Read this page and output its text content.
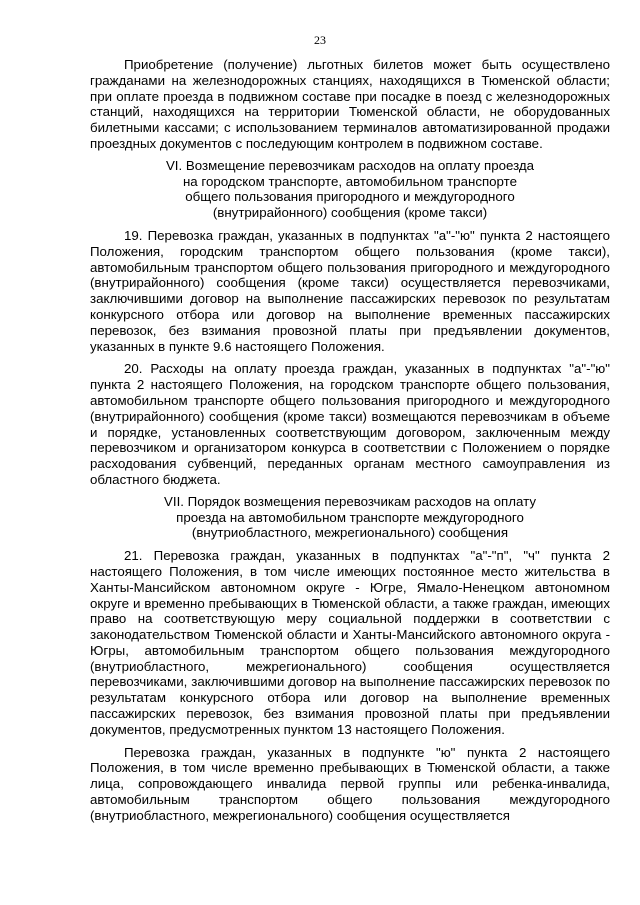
23

Приобретение (получение) льготных билетов может быть осуществлено гражданами на железнодорожных станциях, находящихся в Тюменской области; при оплате проезда в подвижном составе при посадке в поезд с железнодорожных станций, находящихся на территории Тюменской области, не оборудованных билетными кассами; с использованием терминалов автоматизированной продажи проездных документов с последующим контролем в подвижном составе.

VI. Возмещение перевозчикам расходов на оплату проезда
на городском транспорте, автомобильном транспорте
общего пользования пригородного и междугородного
(внутрирайонного) сообщения (кроме такси)

19. Перевозка граждан, указанных в подпунктах "а"-"ю" пункта 2 настоящего Положения, городским транспортом общего пользования (кроме такси), автомобильным транспортом общего пользования пригородного и междугородного (внутрирайонного) сообщения (кроме такси) осуществляется перевозчиками, заключившими договор на выполнение пассажирских перевозок по результатам конкурсного отбора или договор на выполнение временных пассажирских перевозок, без взимания провозной платы при предъявлении документов, указанных в пункте 9.6 настоящего Положения.

20. Расходы на оплату проезда граждан, указанных в подпунктах "а"-"ю" пункта 2 настоящего Положения, на городском транспорте общего пользования, автомобильном транспорте общего пользования пригородного и междугородного (внутрирайонного) сообщения (кроме такси) возмещаются перевозчикам в объеме и порядке, установленных соответствующим договором, заключенным между перевозчиком и организатором конкурса в соответствии с Положением о порядке расходования субвенций, переданных органам местного самоуправления из областного бюджета.

VII. Порядок возмещения перевозчикам расходов на оплату
проезда на автомобильном транспорте междугородного
(внутриобластного, межрегионального) сообщения

21. Перевозка граждан, указанных в подпунктах "а"-"п", "ч" пункта 2 настоящего Положения, в том числе имеющих постоянное место жительства в Ханты-Мансийском автономном округе - Югре, Ямало-Ненецком автономном округе и временно пребывающих в Тюменской области, а также граждан, имеющих право на соответствующую меру социальной поддержки в соответствии с законодательством Тюменской области и Ханты-Мансийского автономного округа - Югры, автомобильным транспортом общего пользования междугородного (внутриобластного, межрегионального) сообщения осуществляется перевозчиками, заключившими договор на выполнение пассажирских перевозок по результатам конкурсного отбора или договор на выполнение временных пассажирских перевозок, без взимания провозной платы при предъявлении документов, предусмотренных пунктом 13 настоящего Положения.

Перевозка граждан, указанных в подпункте "ю" пункта 2 настоящего Положения, в том числе временно пребывающих в Тюменской области, а также лица, сопровождающего инвалида первой группы или ребенка-инвалида, автомобильным транспортом общего пользования междугородного (внутриобластного, межрегионального) сообщения осуществляется
